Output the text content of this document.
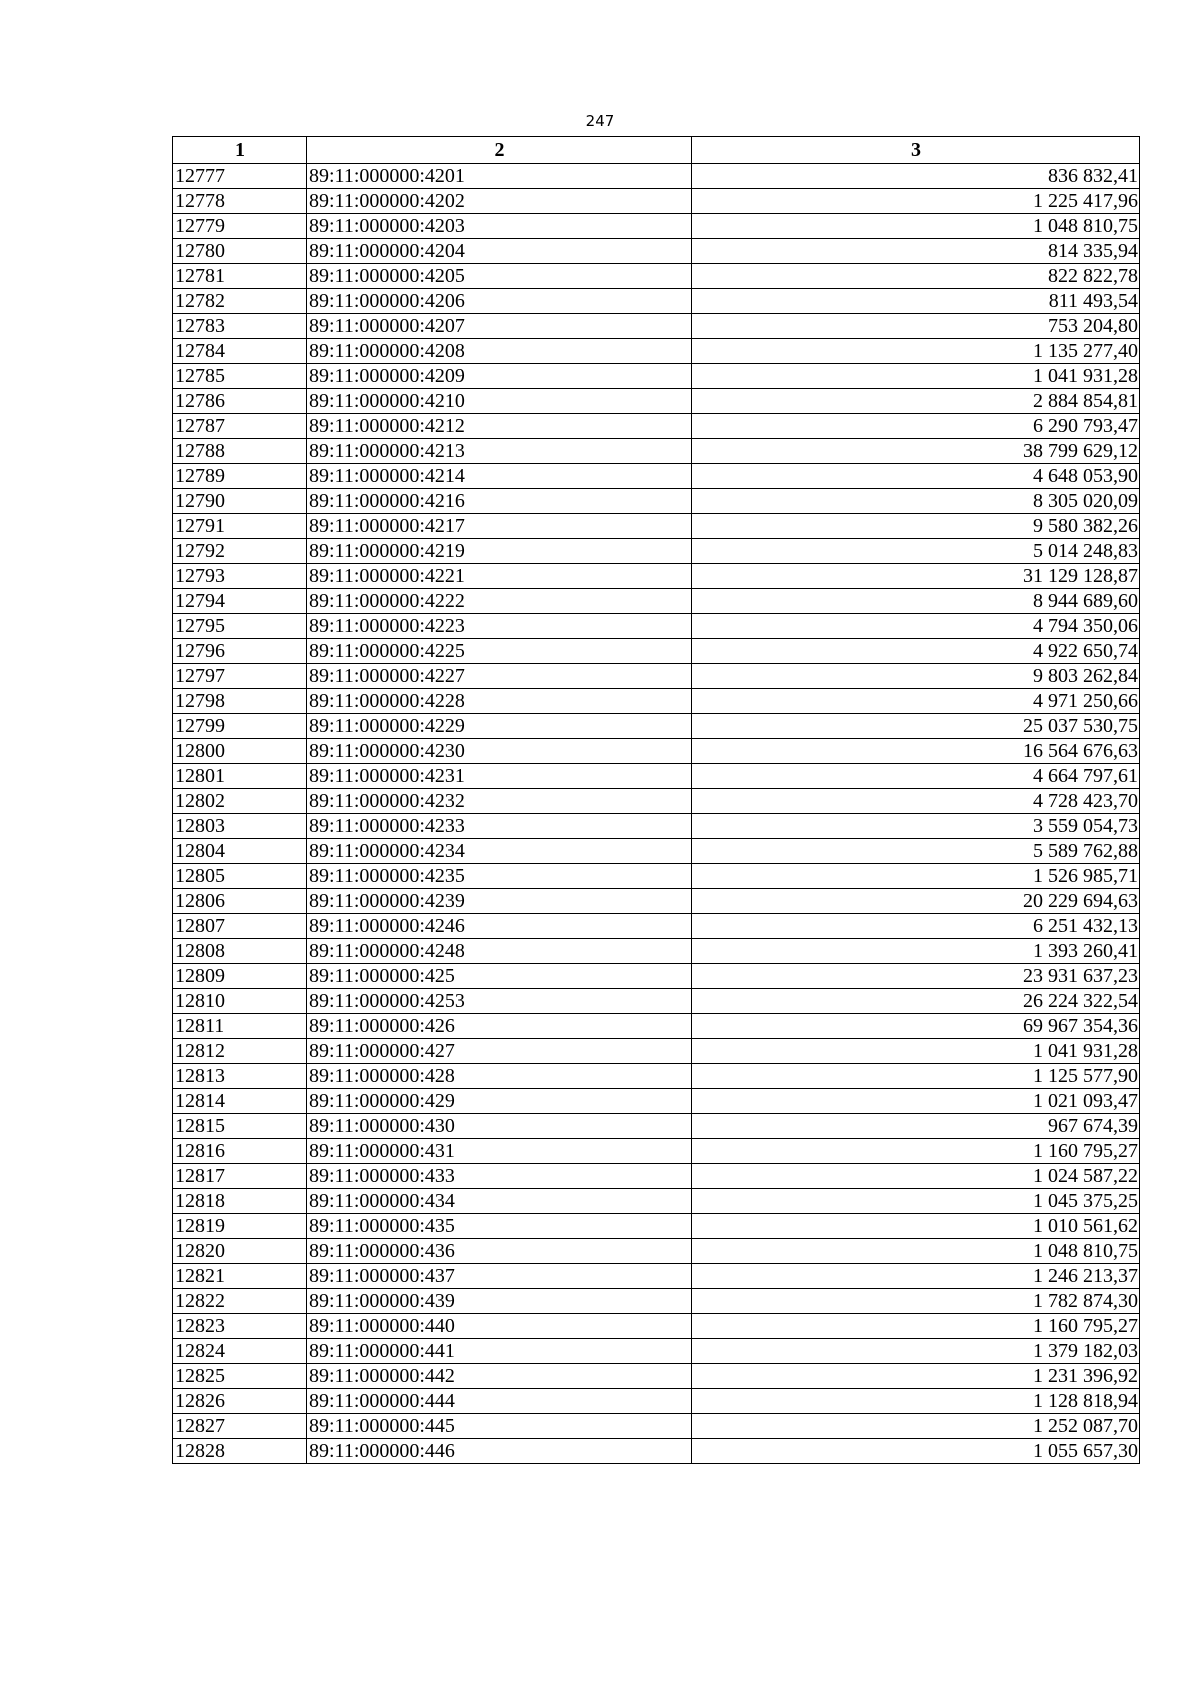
247
1	2	3
12777	89:11:000000:4201	836 832,41
12778	89:11:000000:4202	1 225 417,96
12779	89:11:000000:4203	1 048 810,75
12780	89:11:000000:4204	814 335,94
12781	89:11:000000:4205	822 822,78
12782	89:11:000000:4206	811 493,54
12783	89:11:000000:4207	753 204,80
12784	89:11:000000:4208	1 135 277,40
12785	89:11:000000:4209	1 041 931,28
12786	89:11:000000:4210	2 884 854,81
12787	89:11:000000:4212	6 290 793,47
12788	89:11:000000:4213	38 799 629,12
12789	89:11:000000:4214	4 648 053,90
12790	89:11:000000:4216	8 305 020,09
12791	89:11:000000:4217	9 580 382,26
12792	89:11:000000:4219	5 014 248,83
12793	89:11:000000:4221	31 129 128,87
12794	89:11:000000:4222	8 944 689,60
12795	89:11:000000:4223	4 794 350,06
12796	89:11:000000:4225	4 922 650,74
12797	89:11:000000:4227	9 803 262,84
12798	89:11:000000:4228	4 971 250,66
12799	89:11:000000:4229	25 037 530,75
12800	89:11:000000:4230	16 564 676,63
12801	89:11:000000:4231	4 664 797,61
12802	89:11:000000:4232	4 728 423,70
12803	89:11:000000:4233	3 559 054,73
12804	89:11:000000:4234	5 589 762,88
12805	89:11:000000:4235	1 526 985,71
12806	89:11:000000:4239	20 229 694,63
12807	89:11:000000:4246	6 251 432,13
12808	89:11:000000:4248	1 393 260,41
12809	89:11:000000:425	23 931 637,23
12810	89:11:000000:4253	26 224 322,54
12811	89:11:000000:426	69 967 354,36
12812	89:11:000000:427	1 041 931,28
12813	89:11:000000:428	1 125 577,90
12814	89:11:000000:429	1 021 093,47
12815	89:11:000000:430	967 674,39
12816	89:11:000000:431	1 160 795,27
12817	89:11:000000:433	1 024 587,22
12818	89:11:000000:434	1 045 375,25
12819	89:11:000000:435	1 010 561,62
12820	89:11:000000:436	1 048 810,75
12821	89:11:000000:437	1 246 213,37
12822	89:11:000000:439	1 782 874,30
12823	89:11:000000:440	1 160 795,27
12824	89:11:000000:441	1 379 182,03
12825	89:11:000000:442	1 231 396,92
12826	89:11:000000:444	1 128 818,94
12827	89:11:000000:445	1 252 087,70
12828	89:11:000000:446	1 055 657,30
